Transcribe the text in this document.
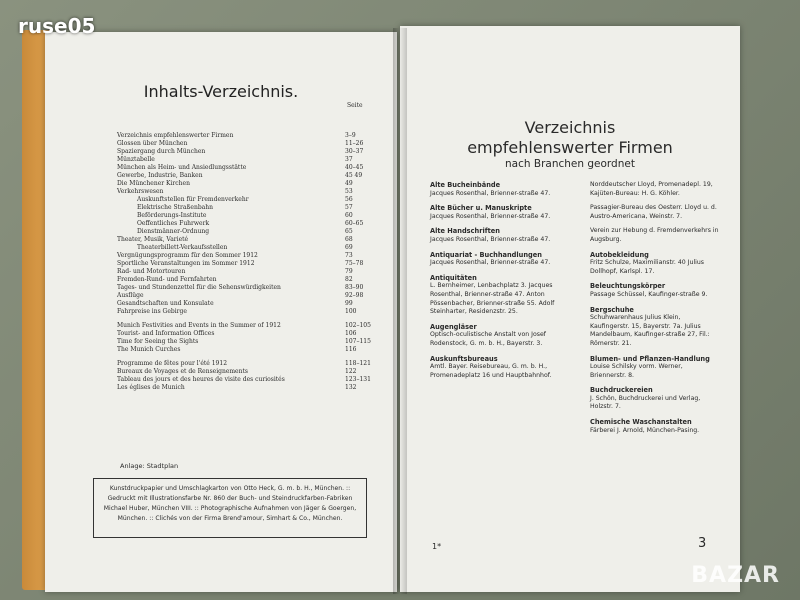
Inhalts-Verzeichnis.
Seite
Verzeichnis empfehlenswerter Firmen	3–9
Glossen über München	11–26
Spaziergang durch München	30–37
Münztabelle	37
München als Heim- und Ansiedlungsstätte	40–45
Gewerbe, Industrie, Banken	45 49
Die Münchener Kirchen	49
Verkehrswesen	53
Auskunftstellen für Fremdenverkehr	56
Elektrische Straßenbahn	57
Beförderungs-Institute	60
Oeffentliches Fuhrwerk	60–65
Dienstmänner-Ordnung	65
Theater, Musik, Varieté	68
Theaterbillett-Verkaufsstellen	69
Vergnügungsprogramm für den Sommer 1912	73
Sportliche Veranstaltungen im Sommer 1912	75–78
Rad- und Motortouren	79
Fremden-Rund- und Fernfahrten	82
Tages- und Stundenzettel für die Sehenswürdigkeiten	83–90
Ausflüge	92–98
Gesandtschaften und Konsulate	99
Fahrpreise ins Gebirge	100
Munich Festivities and Events in the Summer of 1912	102–105
Tourist- and Information Offices	106
Time for Seeing the Sights	107–115
The Munich Curches	116
Programme de fêtes pour l'été 1912	118–121
Bureaux de Voyages et de Renseignements	122
Tableau des jours et des heures de visite des curiosités	123–131
Les églises de Munich	132
Anlage: Stadtplan
Kunstdruckpapier und Umschlagkarton von Otto Heck, G. m. b. H., München. :: Gedruckt mit Illustrationsfarbe Nr. 860 der Buch- und Steindruckfarben-Fabriken Michael Huber, München VIII. :: Photographische Aufnahmen von Jäger & Goergen, München. :: Clichés von der Firma Brend'amour, Simhart & Co., München.
Verzeichnis
empfehlenswerter Firmen
nach Branchen geordnet
Alte Bucheinbände
Jacques Rosenthal, Brienner-straße 47.
Alte Bücher u. Manuskripte
Jacques Rosenthal, Brienner-straße 47.
Alte Handschriften
Jacques Rosenthal, Brienner-straße 47.
Antiquariat - Buchhandlungen
Jacques Rosenthal, Brienner-straße 47.
Antiquitäten
L. Bernheimer, Lenbachplatz 3. Jacques Rosenthal, Brienner-straße 47. Anton Pössenbacher, Brienner-straße 55. Adolf Steinharter, Residenzstr. 25.
Augengläser
Optisch-oculistische Anstalt von Josef Rodenstock, G. m. b. H., Bayerstr. 3.
Auskunftsbureaus
Amtl. Bayer. Reisebureau, G. m. b. H., Promenadeplatz 16 und Hauptbahnhof.
Norddeutscher Lloyd, Promenadepl. 19, Kajüten-Bureau: H. G. Köhler.
Passagier-Bureau des Oesterr. Lloyd u. d. Austro-Americana, Weinstr. 7.
Verein zur Hebung d. Fremdenverkehrs in Augsburg.
Autobekleidung
Fritz Schulze, Maximilianstr. 40 Julius Dollhopf, Karlspl. 17.
Beleuchtungskörper
Passage Schüssel, Kaufinger-straße 9.
Bergschuhe
Schuhwarenhaus Julius Klein, Kaufingerstr. 15, Bayerstr. 7a. Julius Mandelbaum, Kaufinger-straße 27, Fil.: Römerstr. 21.
Blumen- und Pflanzen-Handlung
Louise Schilsky vorm. Werner, Briennerstr. 8.
Buchdruckereien
J. Schön, Buchdruckerei und Verlag, Holzstr. 7.
Chemische Waschanstalten
Färberei J. Arnold, München-Pasing.
1*	3
ruse05
BAZAR
